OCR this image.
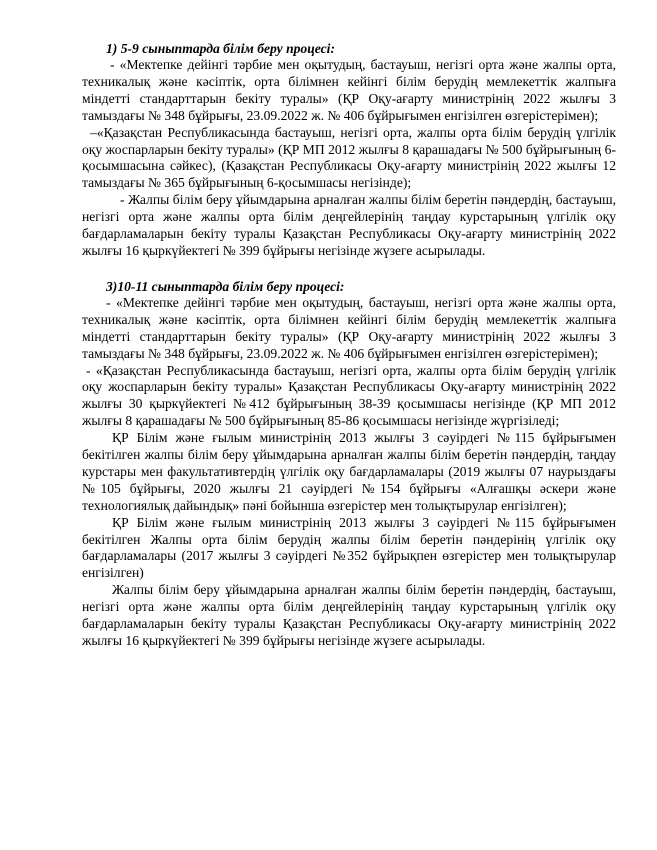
1) 5-9 сыныптарда білім беру процесі:

- «Мектепке дейінгі тәрбие мен оқытудың, бастауыш, негізгі орта және жалпы орта, техникалық және кәсіптік, орта білімнен кейінгі білім берудің мемлекеттік жалпыға міндетті стандарттарын бекіту туралы» (ҚР Оқу-ағарту министрінің 2022 жылғы 3 тамыздағы № 348 бұйрығы, 23.09.2022 ж. № 406 бұйрығымен енгізілген өзгерістерімен);

–«Қазақстан Республикасында бастауыш, негізгі орта, жалпы орта білім берудің үлгілік оқу жоспарларын бекіту туралы» (ҚР МП 2012 жылғы 8 қарашадағы № 500 бұйрығының 6-қосымшасына сәйкес), (Қазақстан Республикасы Оқу-ағарту министрінің 2022 жылғы 12 тамыздағы № 365 бұйрығының 6-қосымшасы негізінде);

- Жалпы білім беру ұйымдарына арналған жалпы білім беретін пәндердің, бастауыш, негізгі орта және жалпы орта білім деңгейлерінің таңдау курстарының үлгілік оқу бағдарламаларын бекіту туралы Қазақстан Республикасы Оқу-ағарту министрінің 2022 жылғы 16 қыркүйектегі № 399 бұйрығы негізінде жүзеге асырылады.

3)10-11 сыныптарда білім беру процесі:

- «Мектепке дейінгі тәрбие мен оқытудың, бастауыш, негізгі орта және жалпы орта, техникалық және кәсіптік, орта білімнен кейінгі білім берудің мемлекеттік жалпыға міндетті стандарттарын бекіту туралы» (ҚР Оқу-ағарту министрінің 2022 жылғы 3 тамыздағы № 348 бұйрығы, 23.09.2022 ж. № 406 бұйрығымен енгізілген өзгерістерімен);

- «Қазақстан Республикасында бастауыш, негізгі орта, жалпы орта білім берудің үлгілік оқу жоспарларын бекіту туралы» Қазақстан Республикасы Оқу-ағарту министрінің 2022 жылғы 30 қыркүйектегі №412 бұйрығының 38-39 қосымшасы негізінде (ҚР МП 2012 жылғы 8 қарашадағы № 500 бұйрығының 85-86 қосымшасы негізінде жүргізіледі;

ҚР Білім және ғылым министрінің 2013 жылғы 3 сәуірдегі №115 бұйрығымен бекітілген жалпы білім беру ұйымдарына арналған жалпы білім беретін пәндердің, таңдау курстары мен факультативтердің үлгілік оқу бағдарламалары (2019 жылғы 07 наурыздағы №105 бұйрығы, 2020 жылғы 21 сәуірдегі №154 бұйрығы «Алғашқы әскери және технологиялық дайындық» пәні бойынша өзгерістер мен толықтырулар енгізілген);

ҚР Білім және ғылым министрінің 2013 жылғы 3 сәуірдегі №115 бұйрығымен бекітілген Жалпы орта білім берудің жалпы білім беретін пәндерінің үлгілік оқу бағдарламалары (2017 жылғы 3 сәуірдегі №352 бұйрықпен өзгерістер мен толықтырулар енгізілген)

Жалпы білім беру ұйымдарына арналған жалпы білім беретін пәндердің, бастауыш, негізгі орта және жалпы орта білім деңгейлерінің таңдау курстарының үлгілік оқу бағдарламаларын бекіту туралы Қазақстан Республикасы Оқу-ағарту министрінің 2022 жылғы 16 қыркүйектегі № 399 бұйрығы негізінде жүзеге асырылады.
